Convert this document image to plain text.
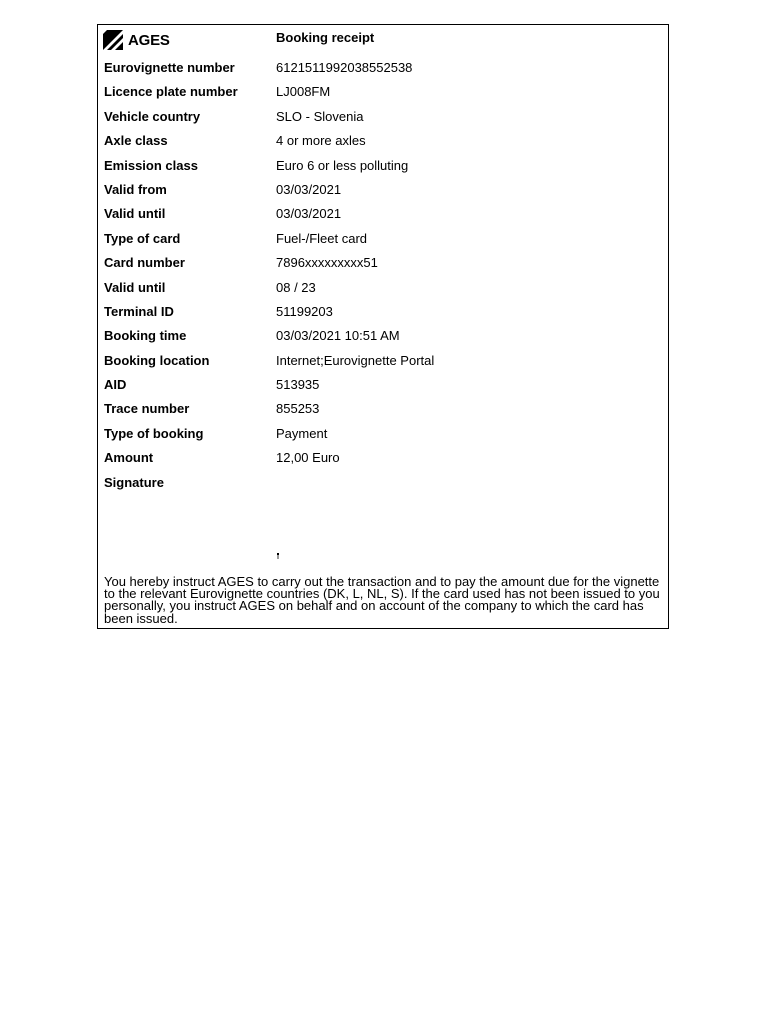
AGES	Booking receipt
Eurovignette number	6121511992038552538
Licence plate number	LJ008FM
Vehicle country	SLO - Slovenia
Axle class	4 or more axles
Emission class	Euro 6 or less polluting
Valid from	03/03/2021
Valid until	03/03/2021
Type of card	Fuel-/Fleet card
Card number	7896xxxxxxxxx51
Valid until	08 / 23
Terminal ID	51199203
Booking time	03/03/2021 10:51 AM
Booking location	Internet;Eurovignette Portal
AID	513935
Trace number	855253
Type of booking	Payment
Amount	12,00 Euro
Signature
You hereby instruct AGES to carry out the transaction and to pay the amount due for the vignette to the relevant Eurovignette countries (DK, L, NL, S). If the card used has not been issued to you personally, you instruct AGES on behalf and on account of the company to which the card has been issued.
